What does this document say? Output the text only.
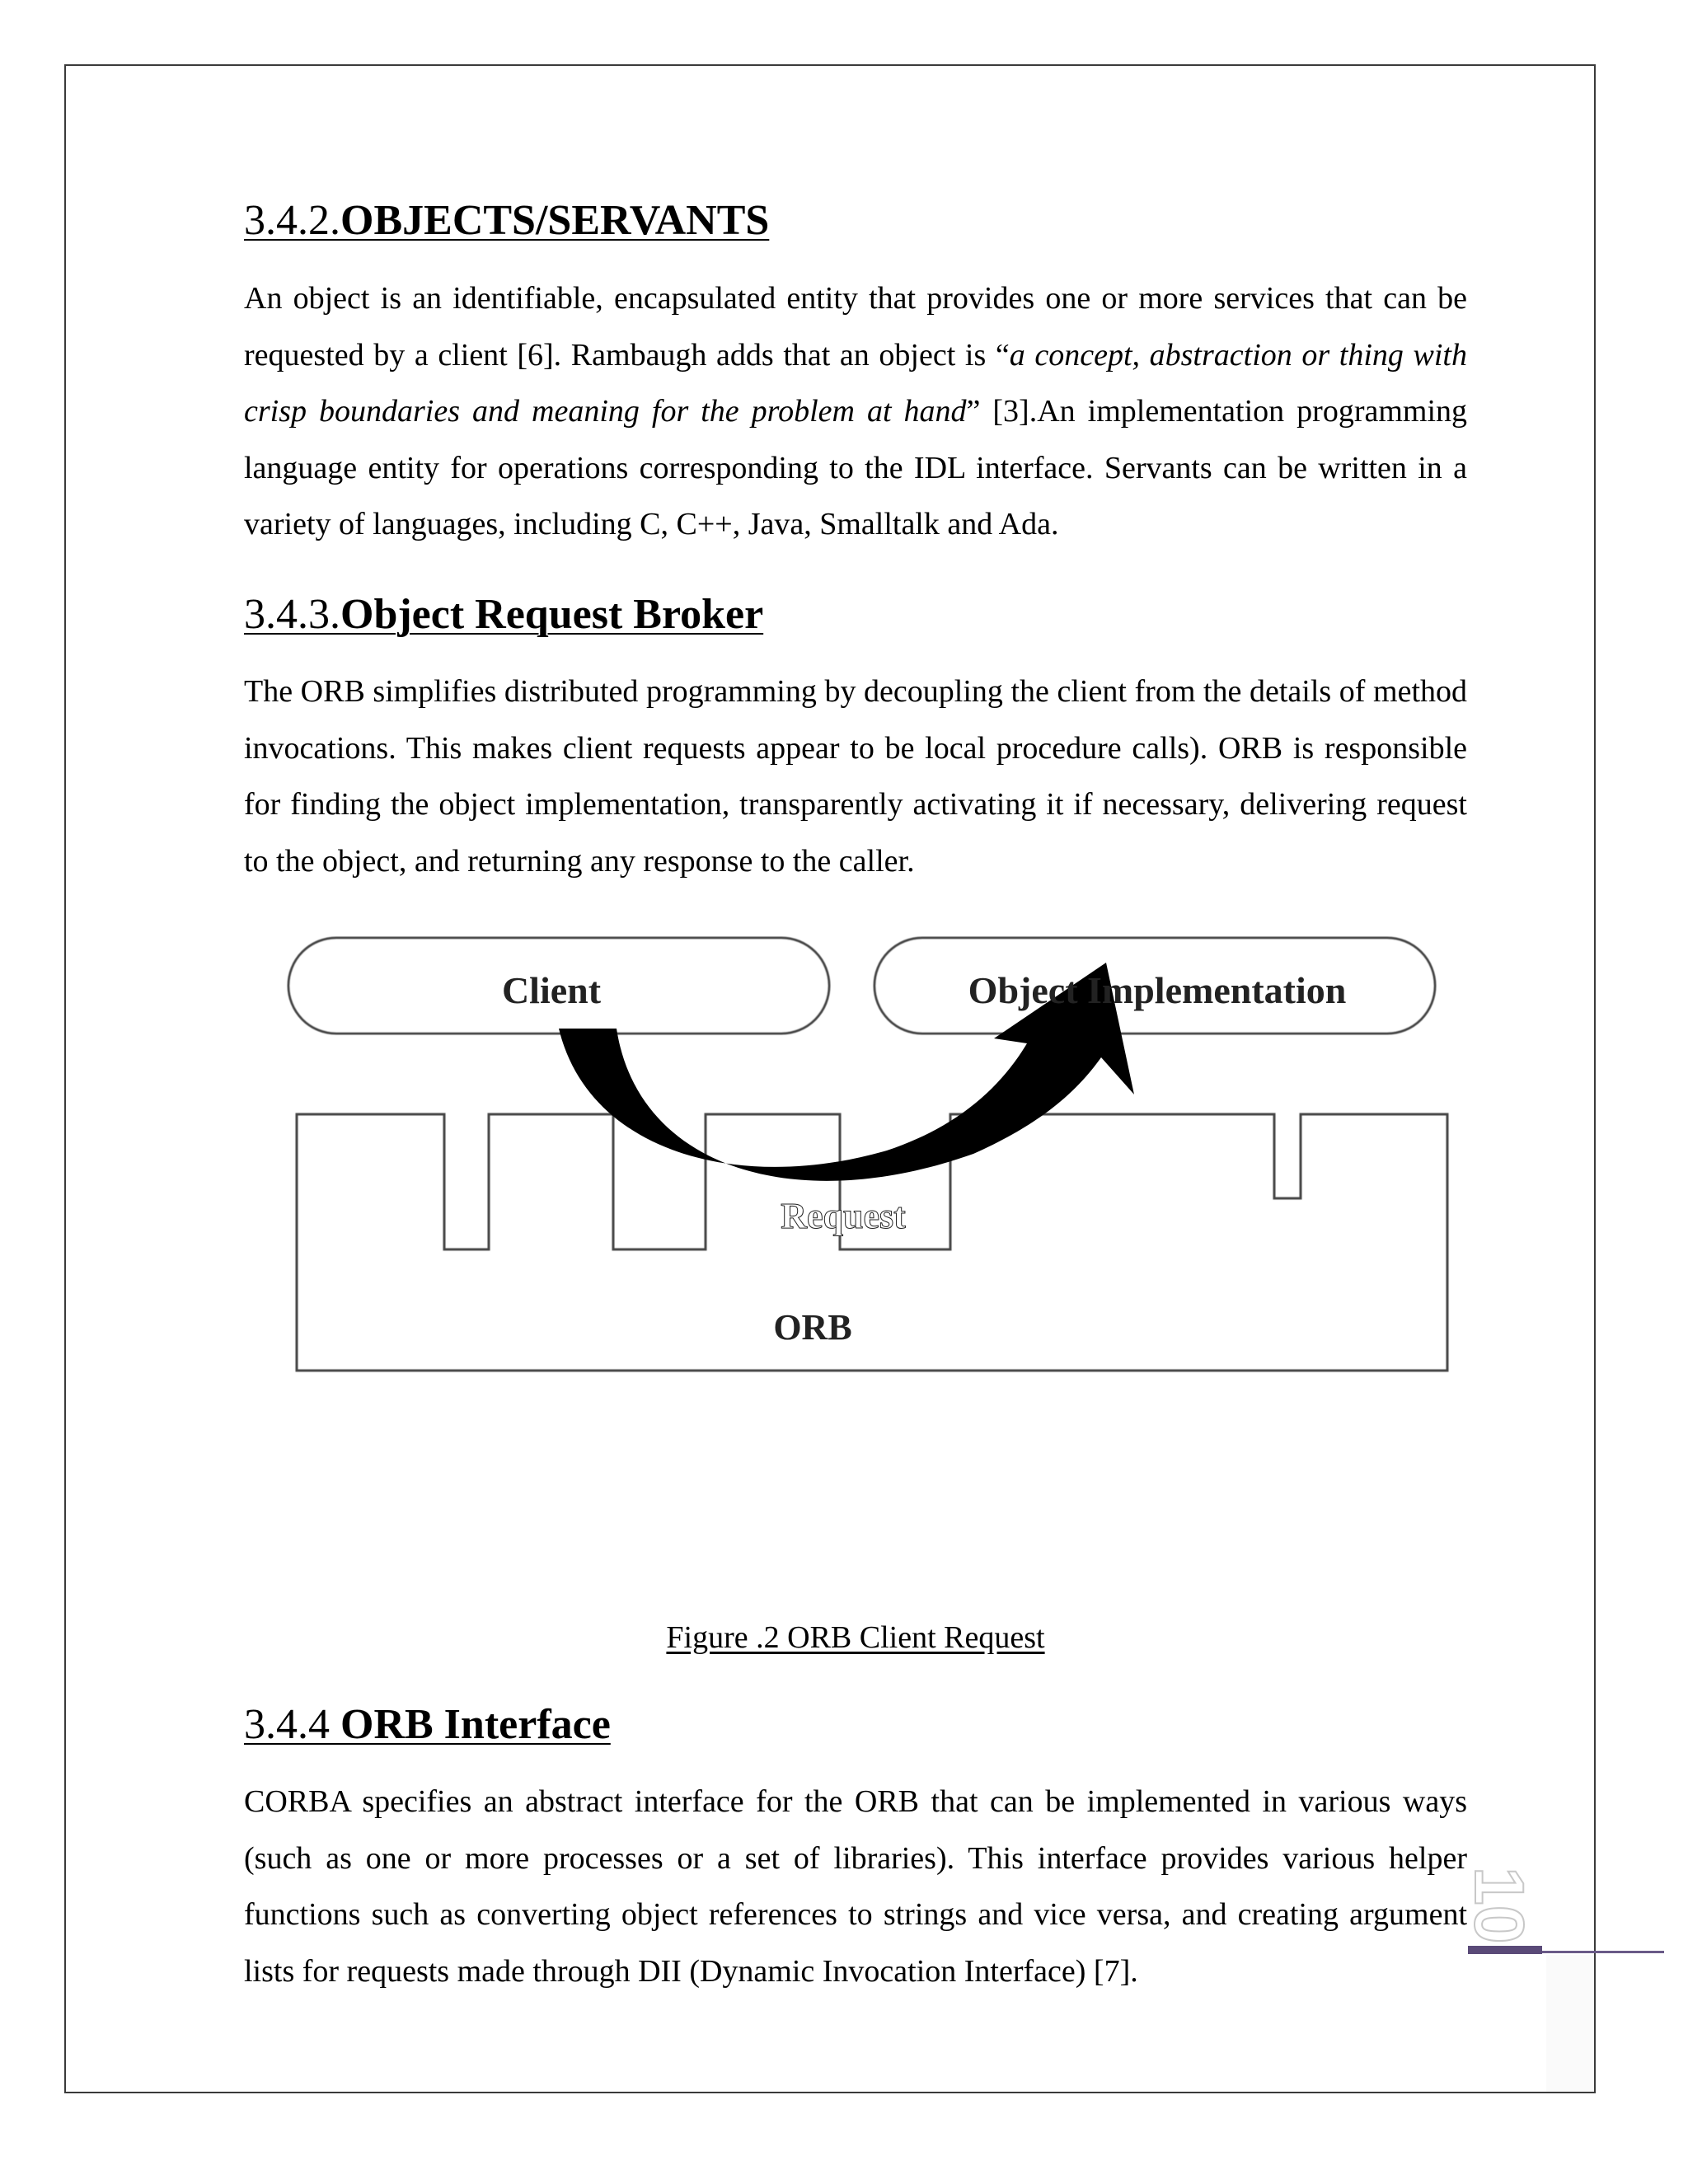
3.4.2.OBJECTS/SERVANTS

An object is an identifiable, encapsulated entity that provides one or more services that can be requested by a client [6]. Rambaugh adds that an object is “a concept, abstraction or thing with crisp boundaries and meaning for the problem at hand” [3].An implementation programming language entity for operations corresponding to the IDL interface. Servants can be written in a variety of languages, including C, C++, Java, Smalltalk and Ada.

3.4.3.Object Request Broker

The ORB simplifies distributed programming by decoupling the client from the details of method invocations. This makes client requests appear to be local procedure calls). ORB is responsible for finding the object implementation, transparently activating it if necessary, delivering request to the object, and returning any response to the caller.

3.4.4 ORB Interface

CORBA specifies an abstract interface for the ORB that can be implemented in various ways (such as one or more processes or a set of libraries). This interface provides various helper functions such as converting object references to strings and vice versa, and creating argument lists for requests made through DII (Dynamic Invocation Interface) [7].

Figure .2 ORB Client Request
Client	Object Implementation
Request
ORB
10
